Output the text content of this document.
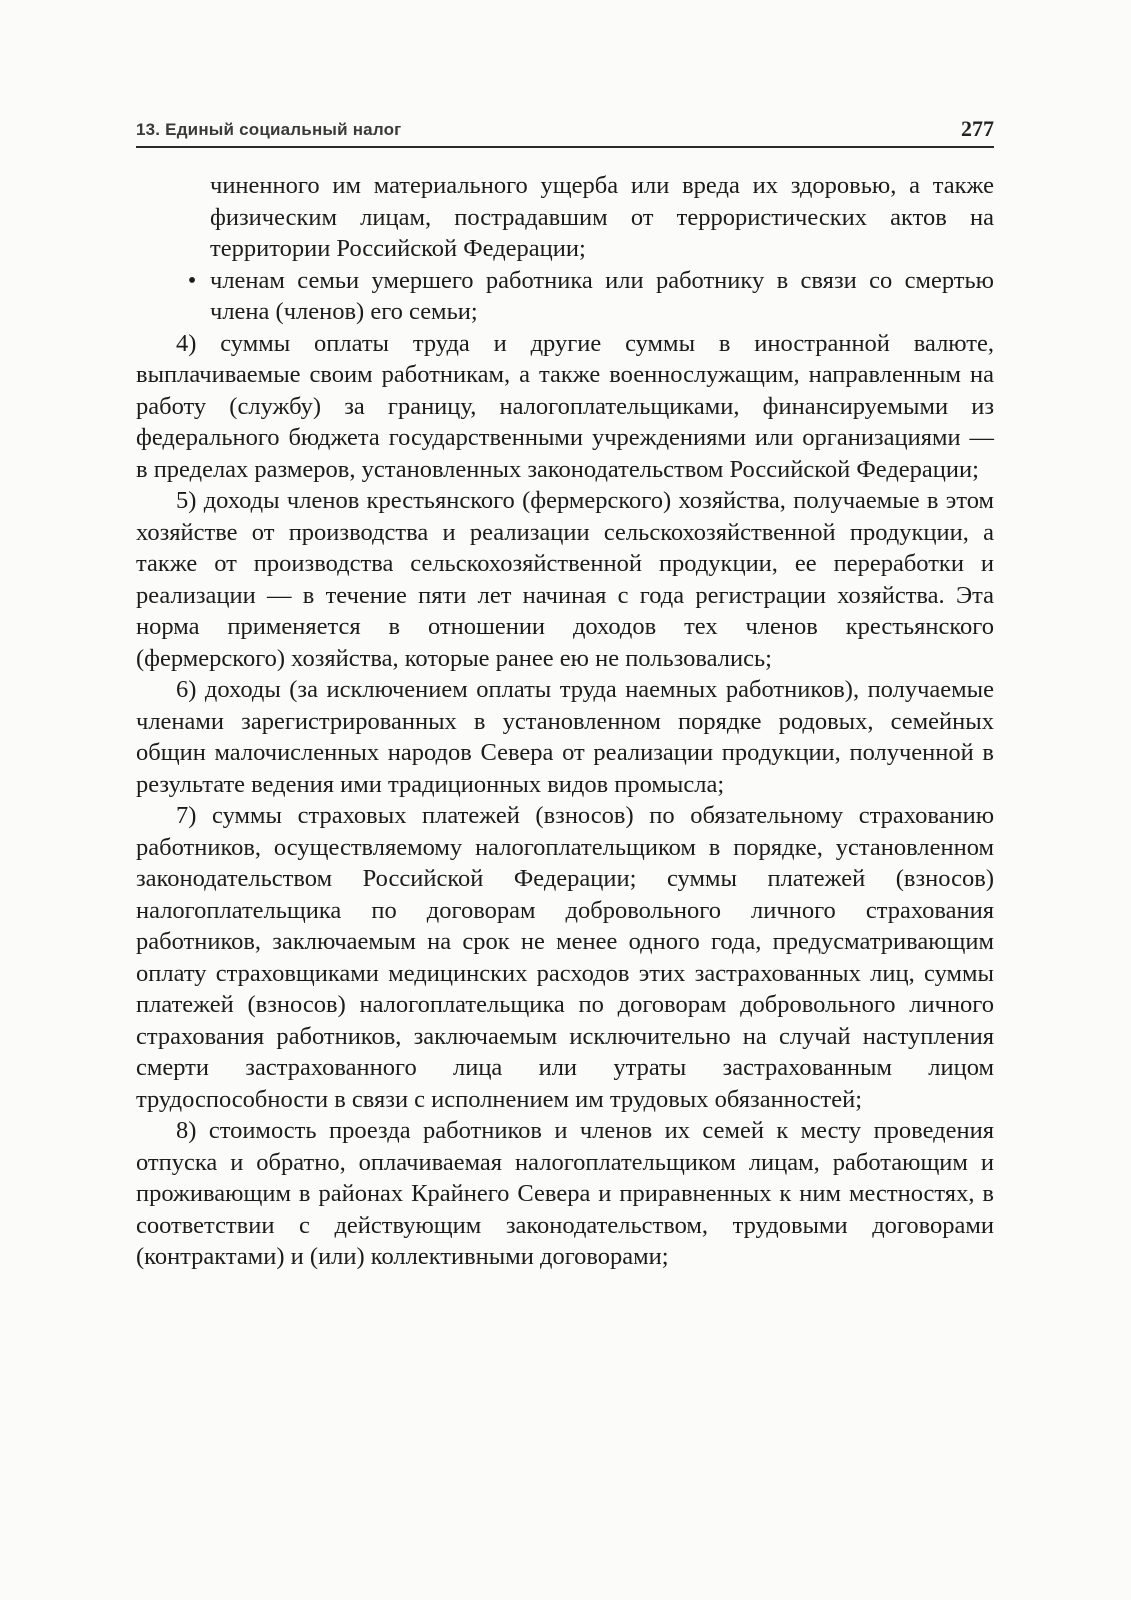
13. Единый социальный налог	277
чиненного им материального ущерба или вреда их здоровью, а также физическим лицам, пострадавшим от террористических актов на территории Российской Федерации;
• членам семьи умершего работника или работнику в связи со смертью члена (членов) его семьи;

4) суммы оплаты труда и другие суммы в иностранной валюте, выплачиваемые своим работникам, а также военнослужащим, направленным на работу (службу) за границу, налогоплательщиками, финансируемыми из федерального бюджета государственными учреждениями или организациями — в пределах размеров, установленных законодательством Российской Федерации;

5) доходы членов крестьянского (фермерского) хозяйства, получаемые в этом хозяйстве от производства и реализации сельскохозяйственной продукции, а также от производства сельскохозяйственной продукции, ее переработки и реализации — в течение пяти лет начиная с года регистрации хозяйства. Эта норма применяется в отношении доходов тех членов крестьянского (фермерского) хозяйства, которые ранее ею не пользовались;

6) доходы (за исключением оплаты труда наемных работников), получаемые членами зарегистрированных в установленном порядке родовых, семейных общин малочисленных народов Севера от реализации продукции, полученной в результате ведения ими традиционных видов промысла;

7) суммы страховых платежей (взносов) по обязательному страхованию работников, осуществляемому налогоплательщиком в порядке, установленном законодательством Российской Федерации; суммы платежей (взносов) налогоплательщика по договорам добровольного личного страхования работников, заключаемым на срок не менее одного года, предусматривающим оплату страховщиками медицинских расходов этих застрахованных лиц, суммы платежей (взносов) налогоплательщика по договорам добровольного личного страхования работников, заключаемым исключительно на случай наступления смерти застрахованного лица или утраты застрахованным лицом трудоспособности в связи с исполнением им трудовых обязанностей;

8) стоимость проезда работников и членов их семей к месту проведения отпуска и обратно, оплачиваемая налогоплательщиком лицам, работающим и проживающим в районах Крайнего Севера и приравненных к ним местностях, в соответствии с действующим законодательством, трудовыми договорами (контрактами) и (или) коллективными договорами;
